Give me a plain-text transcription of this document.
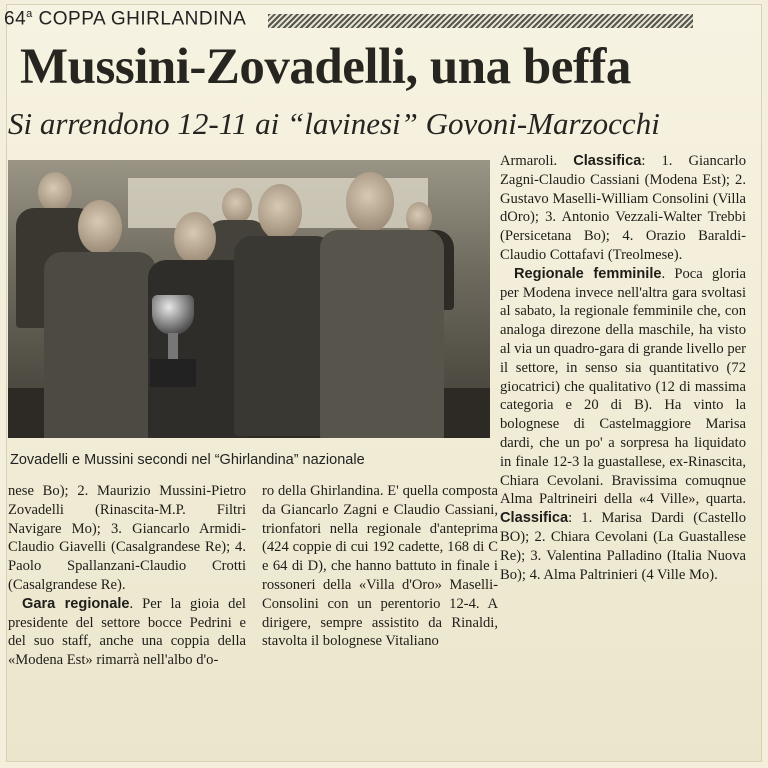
64$^a$ COPPA GHIRLANDINA
Mussini-Zovadelli, una beffa
Si arrendono 12-11 ai “lavinesi” Govoni-Marzocchi
Zovadelli e Mussini secondi nel “Ghirlandina” nazionale

nese Bo); 2. Maurizio Mussini-Pietro Zovadelli (Rinascita-M.P. Filtri Navigare Mo); 3. Giancarlo Armidi-Claudio Giavelli (Casalgrandese Re); 4. Paolo Spallanzani-Claudio Crotti (Casalgrandese Re).

Gara regionale. Per la gioia del presidente del settore bocce Pedrini e del suo staff, anche una coppia della «Modena Est» rimarrà nell'albo d'o-

ro della Ghirlandina. E' quella composta da Giancarlo Zagni e Claudio Cassiani, trionfatori nella regionale d'anteprima (424 coppie di cui 192 cadette, 168 di C e 64 di D), che hanno battuto in finale i rossoneri della «Villa d'Oro» Maselli-Consolini con un perentorio 12-4. A dirigere, sempre assistito da Rinaldi, stavolta il bolognese Vitaliano

Armaroli. Classifica: 1. Giancarlo Zagni-Claudio Cassiani (Modena Est); 2. Gustavo Maselli-William Consolini (Villa dOro); 3. Antonio Vezzali-Walter Trebbi (Persicetana Bo); 4. Orazio Baraldi-Claudio Cottafavi (Treolmese).

Regionale femminile. Poca gloria per Modena invece nell'altra gara svoltasi al sabato, la regionale femminile che, con analoga direzone della maschile, ha visto al via un quadro-gara di grande livello per il settore, in senso sia quantitativo (72 giocatrici) che qualitativo (12 di massima categoria e 20 di B). Ha vinto la bolognese di Castelmaggiore Marisa dardi, che un po' a sorpresa ha liquidato in finale 12-3 la guastallese, ex-Rinascita, Chiara Cevolani. Bravissima comuqnue Alma Paltrineiri della «4 Ville», quarta. Classifica: 1. Marisa Dardi (Castello BO); 2. Chiara Cevolani (La Guastallese Re); 3. Valentina Palladino (Italia Nuova Bo); 4. Alma Paltrinieri (4 Ville Mo).
